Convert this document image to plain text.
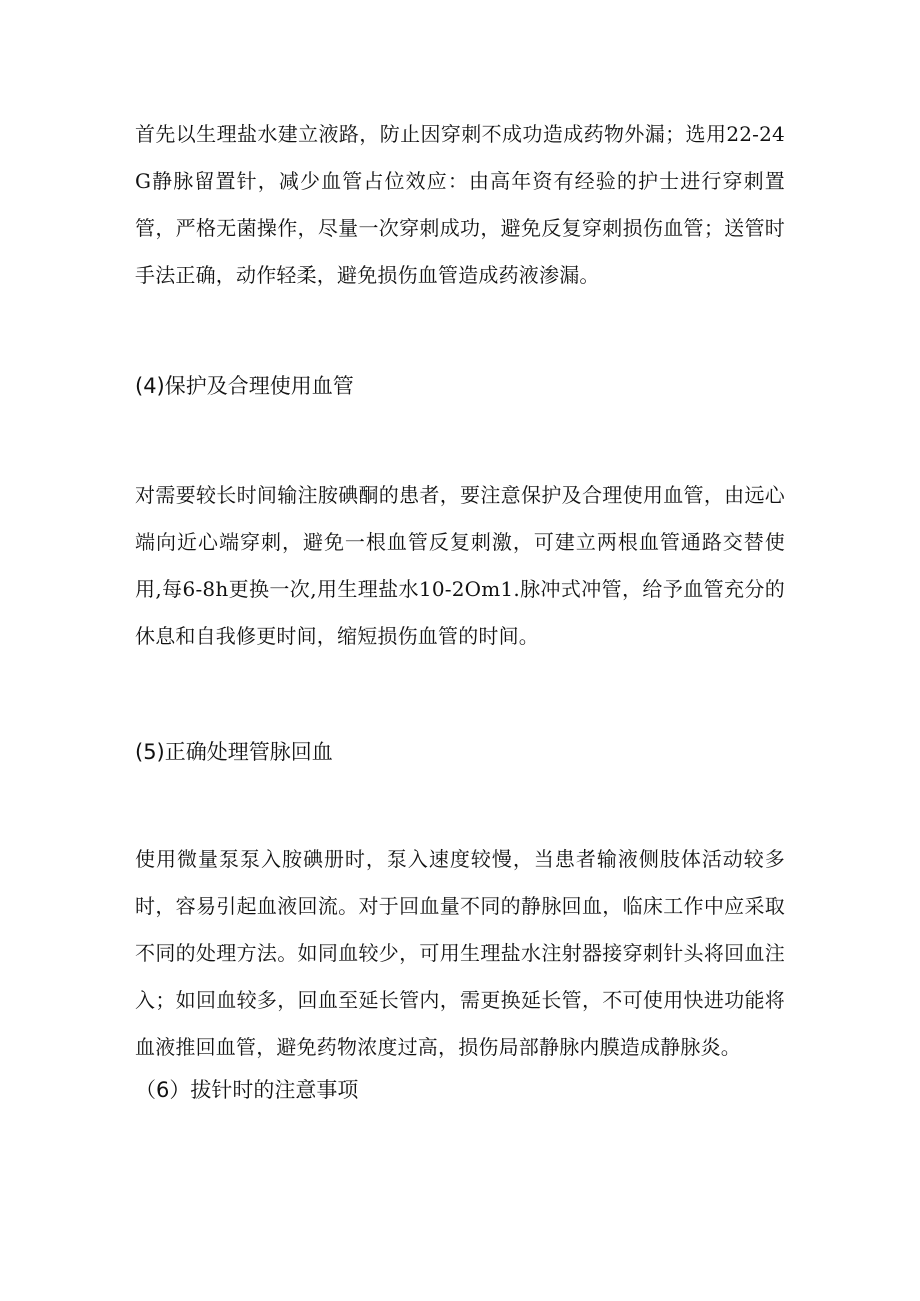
首先以生理盐水建立液路，防止因穿刺不成功造成药物外漏；选用22-24G静脉留置针，减少血管占位效应：由高年资有经验的护士进行穿刺置管，严格无菌操作，尽量一次穿刺成功，避免反复穿刺损伤血管；送管时手法正确，动作轻柔，避免损伤血管造成药液渗漏。

(4)保护及合理使用血管

对需要较长时间输注胺碘酮的患者，要注意保护及合理使用血管，由远心端向近心端穿刺，避免一根血管反复刺激，可建立两根血管通路交替使用,每6-8h更换一次,用生理盐水10-2Om1.脉冲式冲管，给予血管充分的休息和自我修更时间，缩短损伤血管的时间。

(5)正确处理管脉回血

使用微量泵泵入胺碘册时，泵入速度较慢，当患者输液侧肢体活动较多时，容易引起血液回流。对于回血量不同的静脉回血，临床工作中应采取不同的处理方法。如同血较少，可用生理盐水注射器接穿刺针头将回血注入；如回血较多，回血至延长管内，需更换延长管，不可使用快进功能将血液推回血管，避免药物浓度过高，损伤局部静脉内膜造成静脉炎。

（6）拔针时的注意事项
